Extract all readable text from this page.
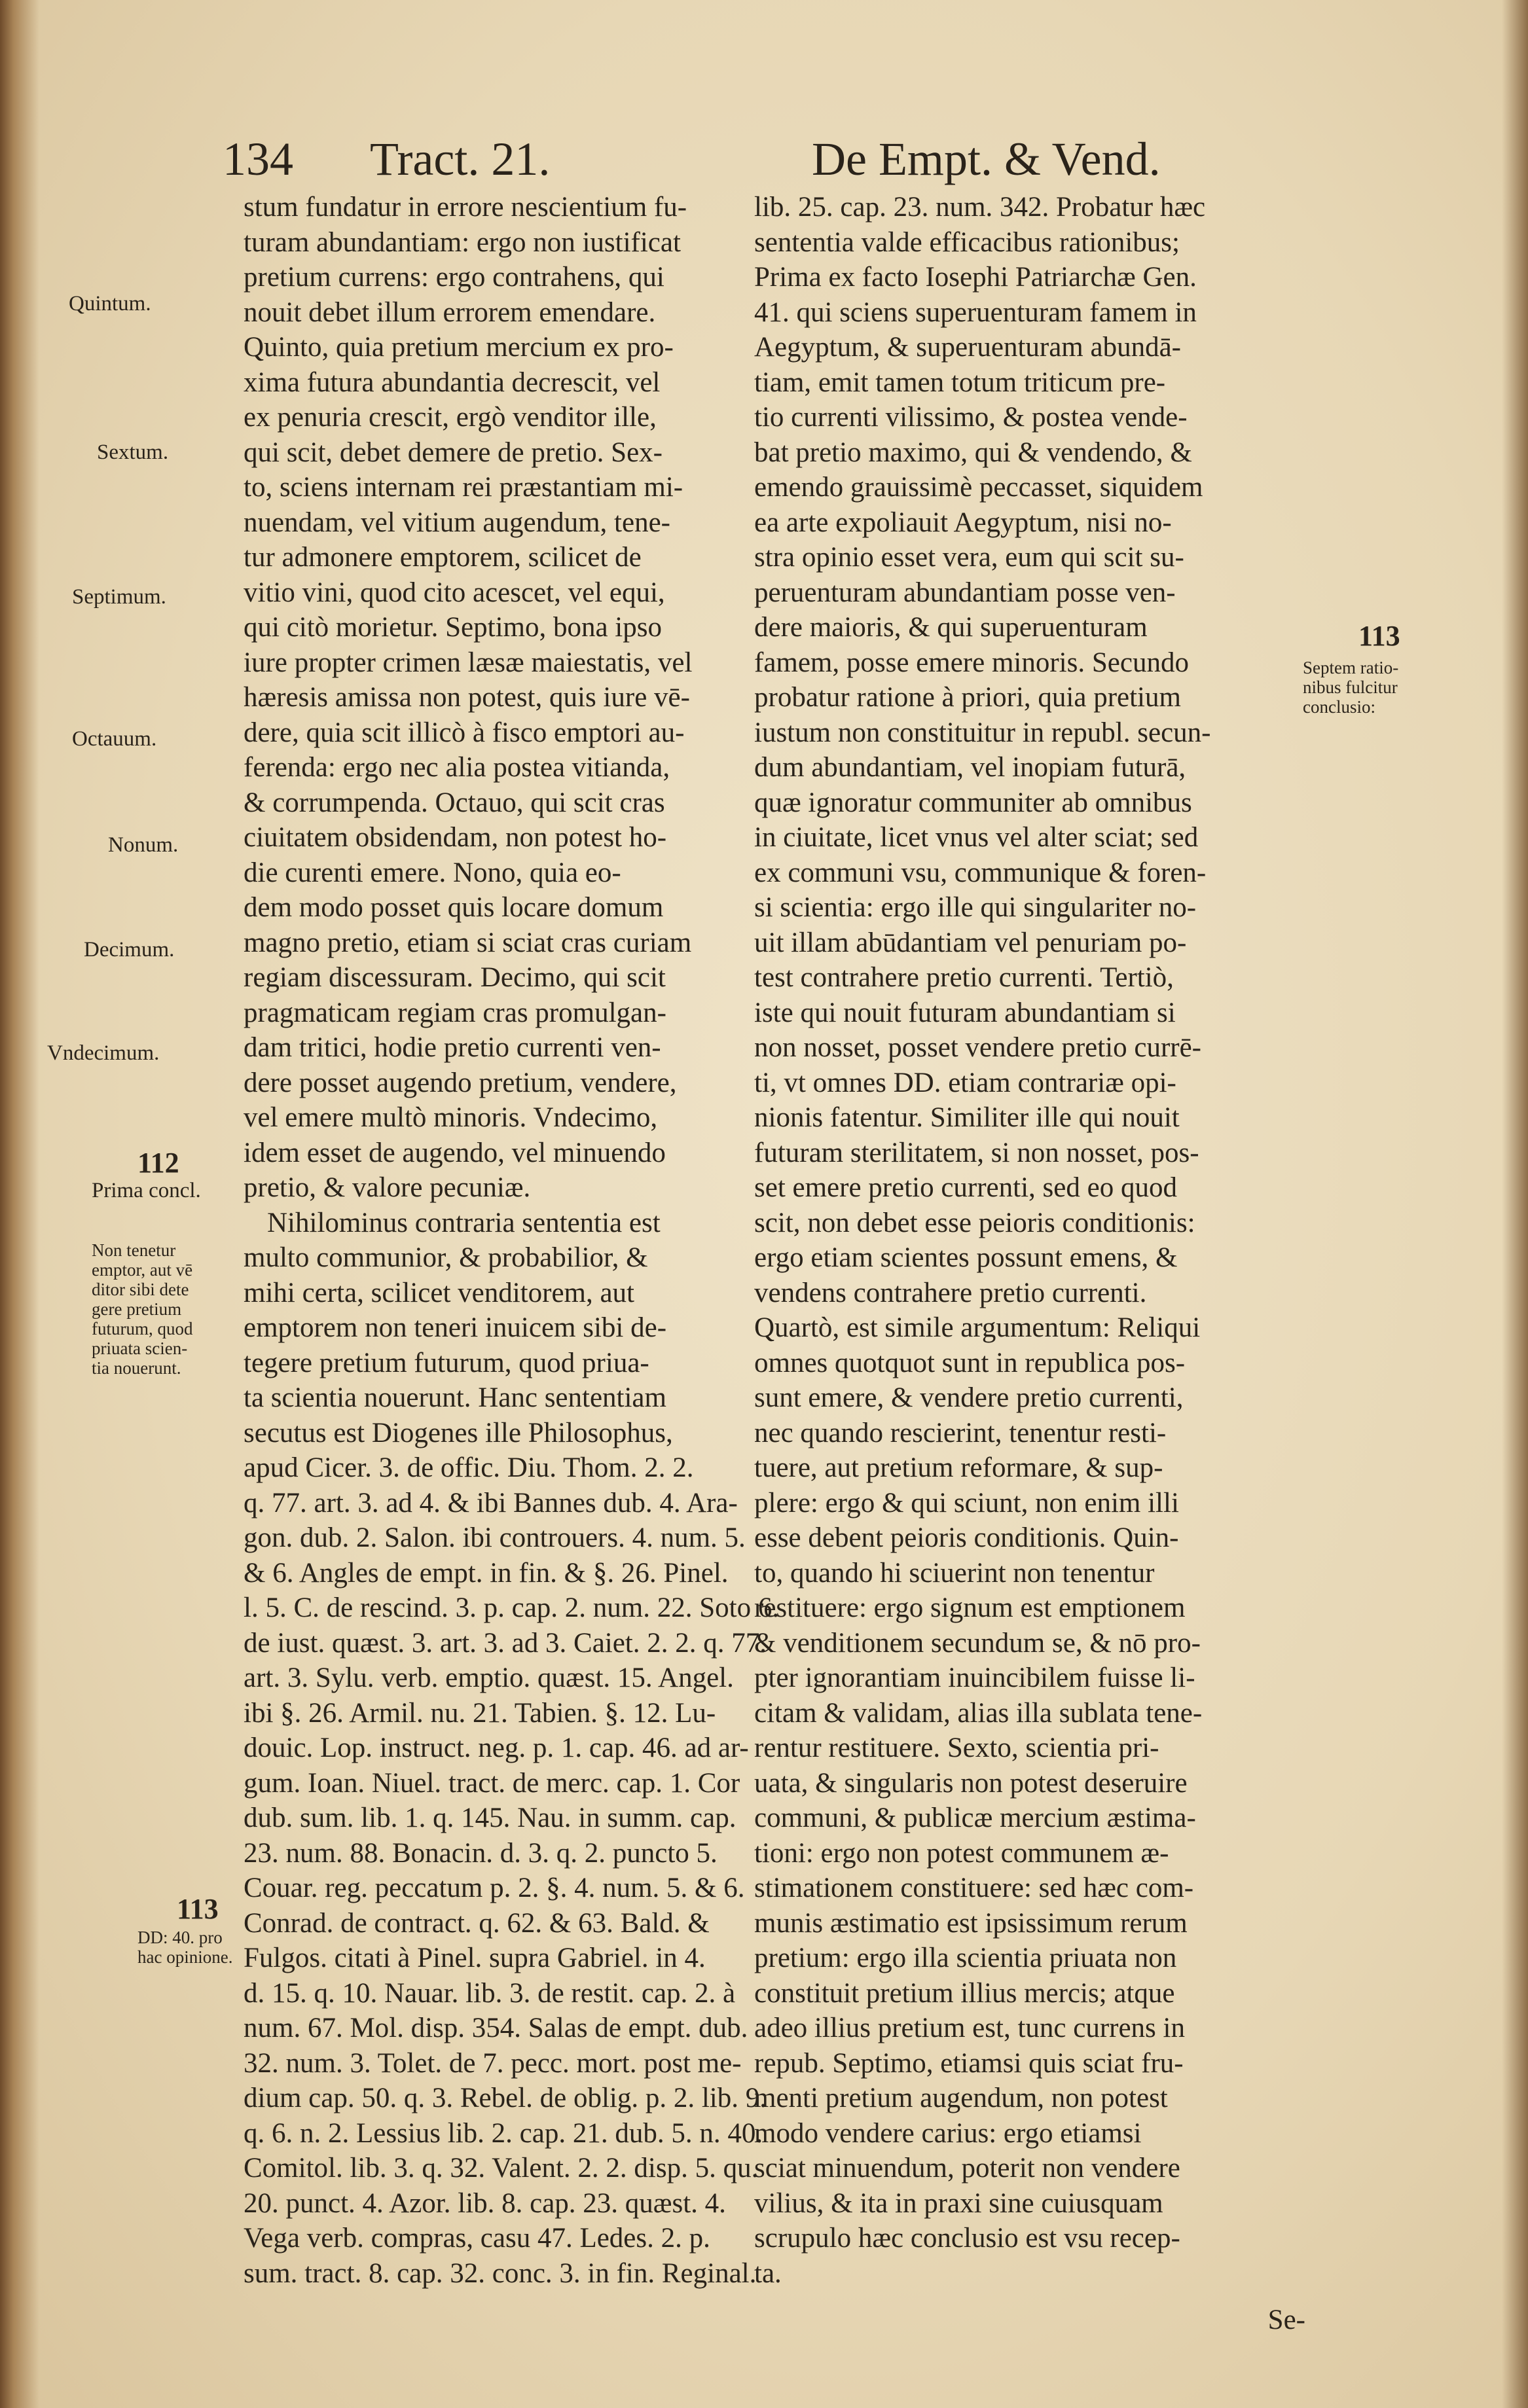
134 Tract. 21.	De Empt. & Vend.
stum fundatur in errore nescientium fu-
turam abundantiam: ergo non iustificat
pretium currens: ergo contrahens, qui
nouit debet illum errorem emendare.
Quinto, quia pretium mercium ex pro-
xima futura abundantia decrescit, vel
ex penuria crescit, ergò venditor ille,
qui scit, debet demere de pretio. Sex-
to, sciens internam rei præstantiam mi-
nuendam, vel vitium augendum, tene-
tur admonere emptorem, scilicet de
vitio vini, quod cito acescet, vel equi,
qui citò morietur. Septimo, bona ipso
iure propter crimen læsæ maiestatis, vel
hæresis amissa non potest, quis iure vē-
dere, quia scit illicò à fisco emptori au-
ferenda: ergo nec alia postea vitianda,
& corrumpenda. Octauo, qui scit cras
ciuitatem obsidendam, non potest ho-
die curenti emere. Nono, quia eo-
dem modo posset quis locare domum
magno pretio, etiam si sciat cras curiam
regiam discessuram. Decimo, qui scit
pragmaticam regiam cras promulgan-
dam tritici, hodie pretio currenti ven-
dere posset augendo pretium, vendere,
vel emere multò minoris. Vndecimo,
idem esset de augendo, vel minuendo
pretio, & valore pecuniæ.
Nihilominus contraria sententia est
multo communior, & probabilior, &
mihi certa, scilicet venditorem, aut
emptorem non teneri inuicem sibi de-
tegere pretium futurum, quod priua-
ta scientia nouerunt. Hanc sententiam
secutus est Diogenes ille Philosophus,
apud Cicer. 3. de offic. Diu. Thom. 2. 2.
q. 77. art. 3. ad 4. & ibi Bannes dub. 4. Ara-
gon. dub. 2. Salon. ibi controuers. 4. num. 5.
& 6. Angles de empt. in fin. & §. 26. Pinel.
l. 5. C. de rescind. 3. p. cap. 2. num. 22. Soto 6.
de iust. quæst. 3. art. 3. ad 3. Caiet. 2. 2. q. 77.
art. 3. Sylu. verb. emptio. quæst. 15. Angel.
ibi §. 26. Armil. nu. 21. Tabien. §. 12. Lu-
douic. Lop. instruct. neg. p. 1. cap. 46. ad ar-
gum. Ioan. Niuel. tract. de merc. cap. 1. Cor
dub. sum. lib. 1. q. 145. Nau. in summ. cap.
23. num. 88. Bonacin. d. 3. q. 2. puncto 5.
Couar. reg. peccatum p. 2. §. 4. num. 5. & 6.
Conrad. de contract. q. 62. & 63. Bald. &
Fulgos. citati à Pinel. supra Gabriel. in 4.
d. 15. q. 10. Nauar. lib. 3. de restit. cap. 2. à
num. 67. Mol. disp. 354. Salas de empt. dub.
32. num. 3. Tolet. de 7. pecc. mort. post me-
dium cap. 50. q. 3. Rebel. de oblig. p. 2. lib. 9.
q. 6. n. 2. Lessius lib. 2. cap. 21. dub. 5. n. 40.
Comitol. lib. 3. q. 32. Valent. 2. 2. disp. 5. qu.
20. punct. 4. Azor. lib. 8. cap. 23. quæst. 4.
Vega verb. compras, casu 47. Ledes. 2. p.
sum. tract. 8. cap. 32. conc. 3. in fin. Reginal.
lib. 25. cap. 23. num. 342. Probatur hæc
sententia valde efficacibus rationibus;
Prima ex facto Iosephi Patriarchæ Gen.
41. qui sciens superuenturam famem in
Aegyptum, & superuenturam abundā-
tiam, emit tamen totum triticum pre-
tio currenti vilissimo, & postea vende-
bat pretio maximo, qui & vendendo, &
emendo grauissimè peccasset, siquidem
ea arte expoliauit Aegyptum, nisi no-
stra opinio esset vera, eum qui scit su-
peruenturam abundantiam posse ven-
dere maioris, & qui superuenturam
famem, posse emere minoris. Secundo
probatur ratione à priori, quia pretium
iustum non constituitur in republ. secun-
dum abundantiam, vel inopiam futurā,
quæ ignoratur communiter ab omnibus
in ciuitate, licet vnus vel alter sciat; sed
ex communi vsu, communique & foren-
si scientia: ergo ille qui singulariter no-
uit illam abūdantiam vel penuriam po-
test contrahere pretio currenti. Tertiò,
iste qui nouit futuram abundantiam si
non nosset, posset vendere pretio currē-
ti, vt omnes DD. etiam contrariæ opi-
nionis fatentur. Similiter ille qui nouit
futuram sterilitatem, si non nosset, pos-
set emere pretio currenti, sed eo quod
scit, non debet esse peioris conditionis:
ergo etiam scientes possunt emens, &
vendens contrahere pretio currenti.
Quartò, est simile argumentum: Reliqui
omnes quotquot sunt in republica pos-
sunt emere, & vendere pretio currenti,
nec quando rescierint, tenentur resti-
tuere, aut pretium reformare, & sup-
plere: ergo & qui sciunt, non enim illi
esse debent peioris conditionis. Quin-
to, quando hi sciuerint non tenentur
restituere: ergo signum est emptionem
& venditionem secundum se, & nō pro-
pter ignorantiam inuincibilem fuisse li-
citam & validam, alias illa sublata tene-
rentur restituere. Sexto, scientia pri-
uata, & singularis non potest deseruire
communi, & publicæ mercium æstima-
tioni: ergo non potest communem æ-
stimationem constituere: sed hæc com-
munis æstimatio est ipsissimum rerum
pretium: ergo illa scientia priuata non
constituit pretium illius mercis; atque
adeo illius pretium est, tunc currens in
repub. Septimo, etiamsi quis sciat fru-
menti pretium augendum, non potest
modo vendere carius: ergo etiamsi
sciat minuendum, poterit non vendere
vilius, & ita in praxi sine cuiusquam
scrupulo hæc conclusio est vsu recep-
ta.
Quintum.
Sextum.
Septimum.
Octauum.
Nonum.
Decimum.
Vndecimum.
112
Prima concl.
Non tenetur
emptor, aut vē
ditor sibi dete
gere pretium
futurum, quod
priuata scien-
tia nouerunt.
113
DD: 40. pro
hac opinione.
113
Septem ratio-
nibus fulcitur
conclusio:
Se-
